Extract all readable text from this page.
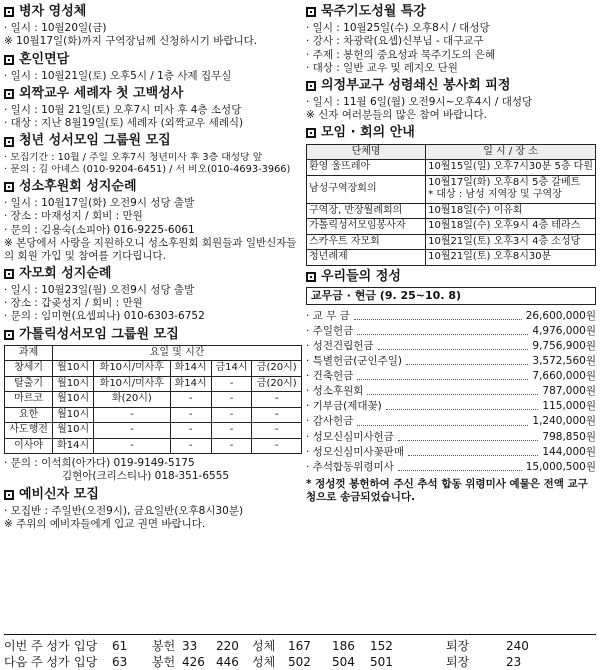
병자 영성체
· 일시 : 10월20일(금)
※ 10월17일(화)까지 구역장님께 신청하시기 바랍니다.
혼인면담
· 일시 : 10월21일(토) 오후5시 / 1층 사제 집무실
외짝교우 세례자 첫 고백성사
· 일시 : 10월 21일(토) 오후7시 미사 후 4층 소성당
· 대상 : 지난 8월19일(토) 세례자 (외짝교우 세례식)
청년 성서모임 그룹원 모집
· 모집기간 : 10월 / 주일 오후7시 청년미사 후 3층 대성당 앞
· 문의 : 김 아녜스 (010-9204-6451) / 서 비오(010-4693-3966)
성소후원회 성지순례
· 일시 : 10월17일(화) 오전9시 성당 출발
· 장소 : 마재성지 / 회비 : 만원
· 문의 : 김용숙(소피아) 016-9225-6061
※ 본당에서 사랑을 지원하오니 성소후원회 회원들과 일반신자들의 회원 가입 및 참여를 기다립니다.
자모회 성지순례
· 일시 : 10월23일(월) 오전9시 성당 출발
· 장소 : 갑곶성지 / 회비 : 만원
· 문의 : 임미현(요셉피나) 010-6303-6752
가톨릭성서모임 그룹원 모집
과제	요일 및 시간				
창세기	월10시	화10시/미사후	화14시	금14시	금(20시)
탈출기	월10시	화10시/미사후	화14시	-	금(20시)
마르코	월10시	화(20시)	-	-	-
요한	월10시	-	-	-	-
사도행전	월10시	-	-	-	-
이사야	화14시	-	-	-	-
· 문의 : 이석희(아가다) 019-9149-5175
김현아(크리스티나) 018-351-6555
예비신자 모집
· 모집반 : 주일반(오전9시), 금요일반(오후8시30분)
※ 주위의 예비자들에게 입교 권면 바랍니다.
묵주기도성월 특강
· 일시 : 10월25일(수) 오후8시 / 대성당
· 강사 : 차광락(요셉)신부님 - 대구교구
· 주제 : 봉헌의 중요성과 묵주기도의 은혜
· 대상 : 일반 교우 및 레지오 단원
의정부교구 성령쇄신 봉사회 피정
· 일시 : 11월 6일(월) 오전9시~오후4시 / 대성당
※ 신자 여러분들의 많은 참여 바랍니다.
모임 · 회의 안내
단체명	일 시 / 장 소
환영 울뜨레아	10월15일(일) 오후7시30분 5층 다원
남성구역장회의	10월17일(화) 오후8시 5층 갈베트
* 대상 : 남성 지역장 및 구역장

구역장, 반장월례회의	10월18일(수) 이유회
가톨릭성서모임봉사자	10월18일(수) 오후9시 4층 테라스
스카우트 자모회	10월21일(토) 오후3시 4층 소성당
청년례제	10월21일(토) 오후8시30분
우리들의 정성
교무금 · 현금 (9. 25~10. 8)
· 교 무 금	26,600,000원
· 주일헌금	4,976,000원
· 성전건립헌금	9,756,900원
· 특별헌금(군인주일)	3,572,560원
· 건축헌금	7,660,000원
· 성소후원회	787,000원
· 기부금(제대꽃)	115,000원
· 감사헌금	1,240,000원
· 성모신심미사헌금	798,850원
· 성모신심미사꽃판매	144,000원
· 추석합동위령미사	15,000,500원
* 정성껏 봉헌하여 주신 추석 합동 위령미사 예물은 전액 교구청으로 송금되었습니다.
이번 주 성가 입당	61	봉헌 33	220	성체	167	186	152	퇴장	240
다음 주 성가 입당	63	봉헌 426 446	성체	502	504	501	퇴장	23
